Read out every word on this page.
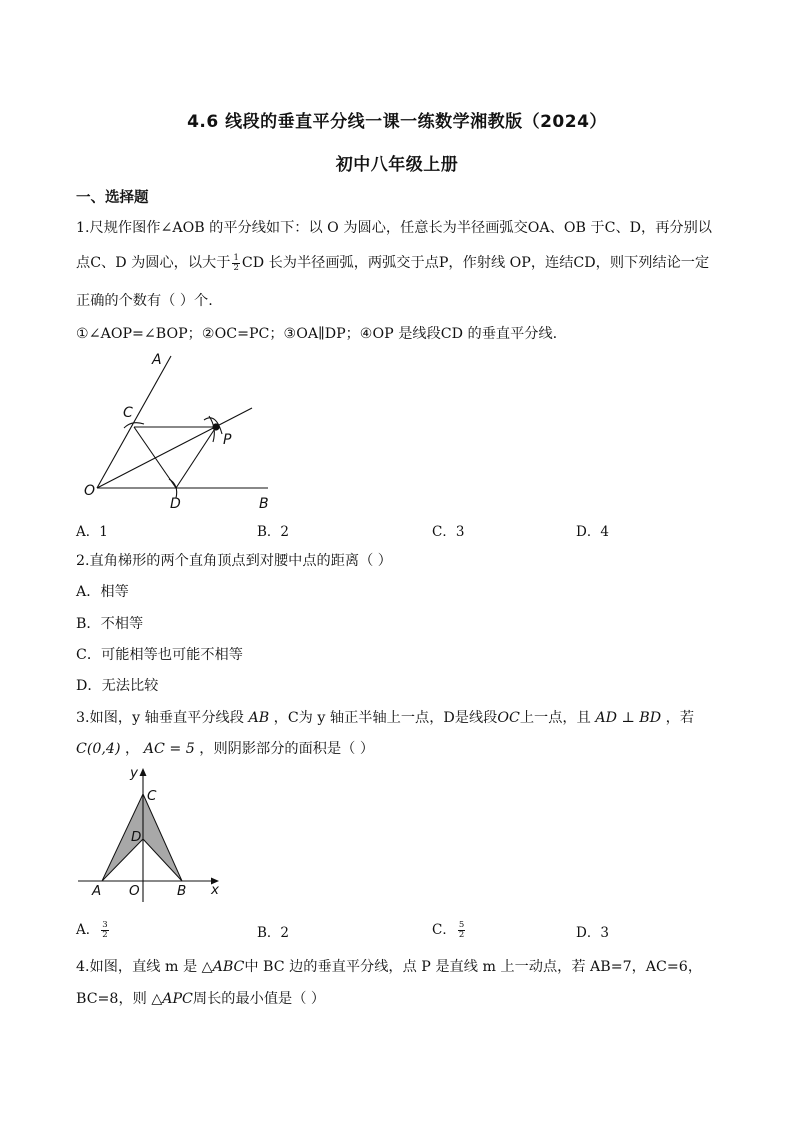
4.6 线段的垂直平分线一课一练数学湘教版（2024）
初中八年级上册
一、选择题
1.尺规作图作∠AOB 的平分线如下：以 O 为圆心，任意长为半径画弧交OA、OB 于C、D，再分别以
点C、D 为圆心，以大于 $\frac{1}{2}$ CD 长为半径画弧，两弧交于点P，作射线 OP，连结CD，则下列结论一定
正确的个数有（ ）个.
①∠AOP=∠BOP；②OC=PC；③OA∥DP；④OP 是线段CD 的垂直平分线.
A
C
P
O
D	B
A．1	B．2	C．3	D．4
2.直角梯形的两个直角顶点到对腰中点的距离（ ）
A．相等
B．不相等
C．可能相等也可能不相等
D．无法比较
3.如图，y 轴垂直平分线段 AB ，C为 y 轴正半轴上一点，D是线段OC上一点，且 AD ⊥ BD ，若
C(0,4) ， AC = 5 ，则阴影部分的面积是（ ）
y
C
D
A O	B x
A． $\frac{3}{2}$	B．2	C． $\frac{5}{2}$	D．3
4.如图，直线 m 是 △ABC中 BC 边的垂直平分线，点 P 是直线 m 上一动点，若 AB=7，AC=6，
BC=8，则 △APC周长的最小值是（ ）
